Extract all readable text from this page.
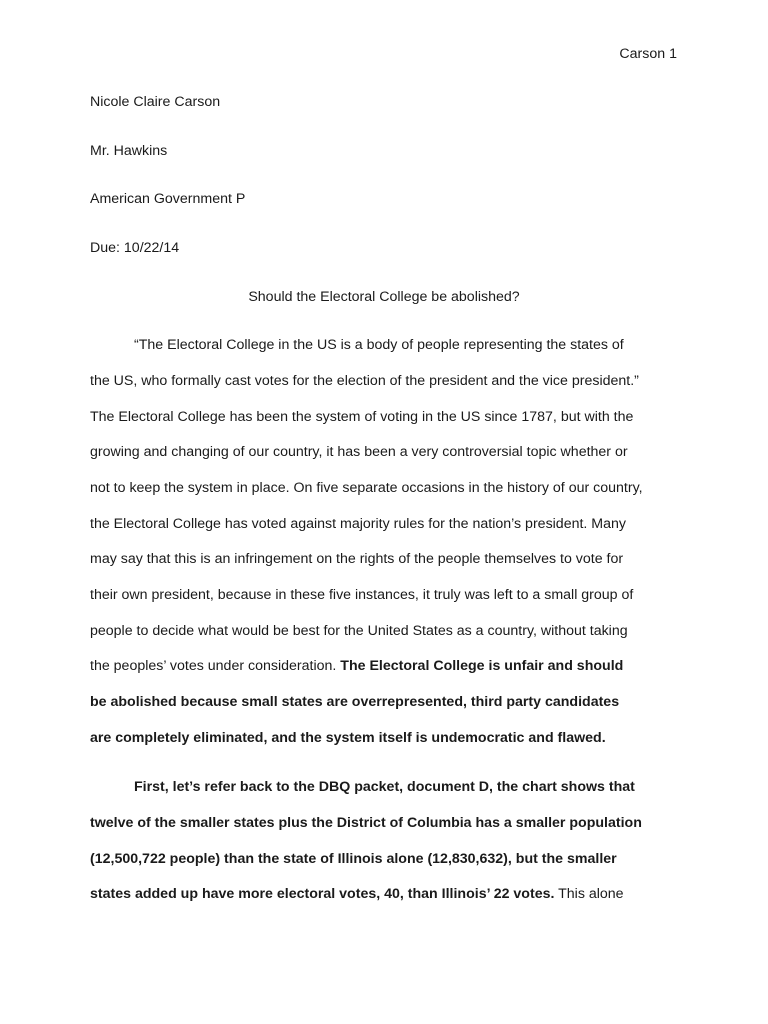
Carson 1
Nicole Claire Carson
Mr. Hawkins
American Government P
Due: 10/22/14
Should the Electoral College be abolished?
“The Electoral College in the US is a body of people representing the states of
the US, who formally cast votes for the election of the president and the vice president.”
The Electoral College has been the system of voting in the US since 1787, but with the
growing and changing of our country, it has been a very controversial topic whether or
not to keep the system in place. On five separate occasions in the history of our country,
the Electoral College has voted against majority rules for the nation’s president. Many
may say that this is an infringement on the rights of the people themselves to vote for
their own president, because in these five instances, it truly was left to a small group of
people to decide what would be best for the United States as a country, without taking
the peoples’ votes under consideration. The Electoral College is unfair and should
be abolished because small states are overrepresented, third party candidates
are completely eliminated, and the system itself is undemocratic and flawed.
First, let’s refer back to the DBQ packet, document D, the chart shows that
twelve of the smaller states plus the District of Columbia has a smaller population
(12,500,722 people) than the state of Illinois alone (12,830,632), but the smaller
states added up have more electoral votes, 40, than Illinois’ 22 votes. This alone
